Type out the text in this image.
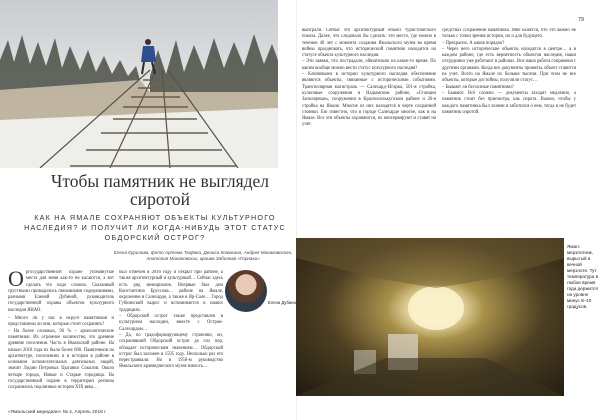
79
Чтобы памятник не выглядел сиротой
КАК НА ЯМАЛЕ СОХРАНЯЮТ ОБЪЕКТЫ КУЛЬТУРНОГО НАСЛЕДИЯ? И ПОЛУЧИТ ЛИ КОГДА-НИБУДЬ ЭТОТ СТАТУС ОБДОРСКИЙ ОСТРОГ?
Елена Курилова, фото Артема Тюфяка, Дениса Кожекина, Андрея Минаковского, Анатолия Минаковских, архива Заболева «Горнаки»
О ргосударственной охране упомянутые места для меня как-то не касаются, а вот сделать это надо сложно. Сказанный грустными проводились связанными содержаниями, разными Еленой Дубиной, руководитель государственной охраны объектов культурного наследия ЯНАО.
– Много ли у нас в округе памятников и представлены ли они, которые стоит сохранять?
– На более сложных, 96 % – археологические памятники. Их огромное количество, это древние древние поселения. Часть в Ямальской районе. На начало 2018 года их было более 600. Памятников на архитектуре, поселениях и в истории в районе в основном вспомогательных деятельных людей, значит Лидии Петровых Цыганки Соколов. Около четыре города, Новые и Старые городища. На государственный охране в территории региона сохранились подлинные истории XIX века…
был отмечен в 2016 году и открыт при районе, а также архитектурный и культурный… Сейчас здесь есть ряд мемориалов. Впервые был дом Константина Бруссова… районе на Ямале, окружение в Салехарде, а также в Яр-Сале… Город Губкинский вырос и вспоминается в наших традициях.
– Обдорский острог также представлен в культурном наследии, вместе с Остров-Салехардом…
– Да, по градоформирующему строению, он, сохранивший Обдорский острог до сих пор, обладает историческим значением… Обдорский острог был заложен в 1595 году. Несколько раз его перестраивали. Но в 1950-м руководство Ямальского краеведческого музея взялось…
Елена Дубина
выиграли. Сейчас это архитектурный объект туристического показа. Далее, что следовало бы сделать: это место, где можно в течение 40 лет с момента создания Ямальского музея во время войны праздновать, что исторический памятник находится на статусе объекта культурного наследия.
– Эти заявки, что пострадали, обязательно на какое-то время. По каким вообще можно вести статус культурного наследия?
– Ключевыми в истории культурного наследия обеспечение являются объекты, связанные с историческими событиями. Трансполярная магистраль — Салехард–Игарка, 501-я стройка, культовые сооружения в Надымском районе, «Станции Заполярные», сооружения в Красноселькупском районе и 26-я стройка на Ямале. Многие из них находятся в черте сохранной стоянки. Ею известно, что в городе Салехарде многое, как и на Ямале. Все эти объекты охраняются, их консервируют и ставят на учет.
средствах сохранения памятника. Мне кажется, что это важно не только с точки зрения истории, но и для будущего.
– Прекрасно. А каков порядок?
– Через него исторические объекты находятся в центре… а в каждом районе, где есть вероятность объектов наследия, наши сотрудники уже работают в районах. Вся наша работа сопряжена с другими органами. Когда все документы приняты, объект ставится на учет. Всего на Ямале их больше тысячи. При этом не все объекты, которые достойны, получили статус…
– Бывают ли бесхозные памятники?
– Бывают. Всё сложно — документы заходят медленно, а памятник стоит без присмотра, как сирота. Важно, чтобы у каждого памятника был хозяин и заботился о нем, тогда и не будет памятник сиротой.
Ямал: мерзлотник, вырытый в вечной мерзлоте. Тут температура в любое время года держится на уровне минус 8–10 градусов.
«Ямальский меридиан» № 4, Апрель 2018 г.
